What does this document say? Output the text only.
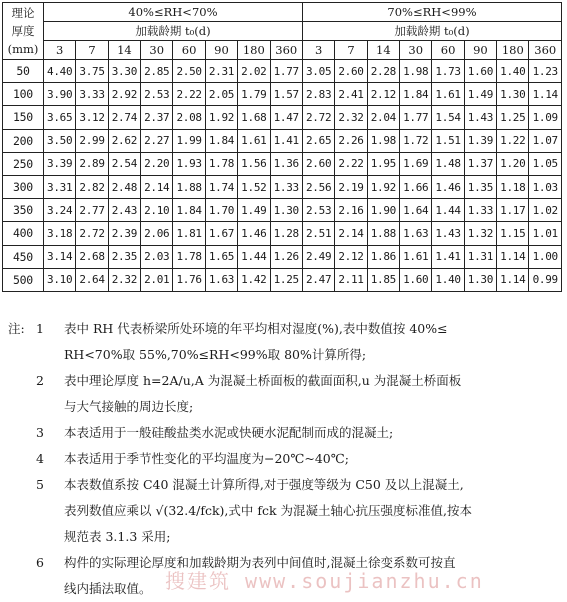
理论
厚度
(mm)	40%≤RH<70%								70%≤RH<99%							
	加载龄期 t₀(d)								加载龄期 t₀(d)							
	3	7	14	30	60	90	180	360	3	7	14	30	60	90	180	360
50	4.40	3.75	3.30	2.85	2.50	2.31	2.02	1.77	3.05	2.60	2.28	1.98	1.73	1.60	1.40	1.23
100	3.90	3.33	2.92	2.53	2.22	2.05	1.79	1.57	2.83	2.41	2.12	1.84	1.61	1.49	1.30	1.14
150	3.65	3.12	2.74	2.37	2.08	1.92	1.68	1.47	2.72	2.32	2.04	1.77	1.54	1.43	1.25	1.09
200	3.50	2.99	2.62	2.27	1.99	1.84	1.61	1.41	2.65	2.26	1.98	1.72	1.51	1.39	1.22	1.07
250	3.39	2.89	2.54	2.20	1.93	1.78	1.56	1.36	2.60	2.22	1.95	1.69	1.48	1.37	1.20	1.05
300	3.31	2.82	2.48	2.14	1.88	1.74	1.52	1.33	2.56	2.19	1.92	1.66	1.46	1.35	1.18	1.03
350	3.24	2.77	2.43	2.10	1.84	1.70	1.49	1.30	2.53	2.16	1.90	1.64	1.44	1.33	1.17	1.02
400	3.18	2.72	2.39	2.06	1.81	1.67	1.46	1.28	2.51	2.14	1.88	1.63	1.43	1.32	1.15	1.01
450	3.14	2.68	2.35	2.03	1.78	1.65	1.44	1.26	2.49	2.12	1.86	1.61	1.41	1.31	1.14	1.00
500	3.10	2.64	2.32	2.01	1.76	1.63	1.42	1.25	2.47	2.11	1.85	1.60	1.40	1.30	1.14	0.99
注: 1 表中 RH 代表桥梁所处环境的年平均相对湿度(%),表中数值按 40%≤
RH<70%取 55%,70%≤RH<99%取 80%计算所得;
2 表中理论厚度 h=2A/u,A 为混凝土桥面板的截面面积,u 为混凝土桥面板
与大气接触的周边长度;
3 本表适用于一般硅酸盐类水泥或快硬水泥配制而成的混凝土;
4 本表适用于季节性变化的平均温度为−20℃~40℃;
5 本表数值系按 C40 混凝土计算所得,对于强度等级为 C50 及以上混凝土,
表列数值应乘以 √(32.4/fck),式中 fck 为混凝土轴心抗压强度标准值,按本
规范表 3.1.3 采用;
6 构件的实际理论厚度和加载龄期为表列中间值时,混凝土徐变系数可按直
线内插法取值。 搜建筑 www.soujianzhu.cn
